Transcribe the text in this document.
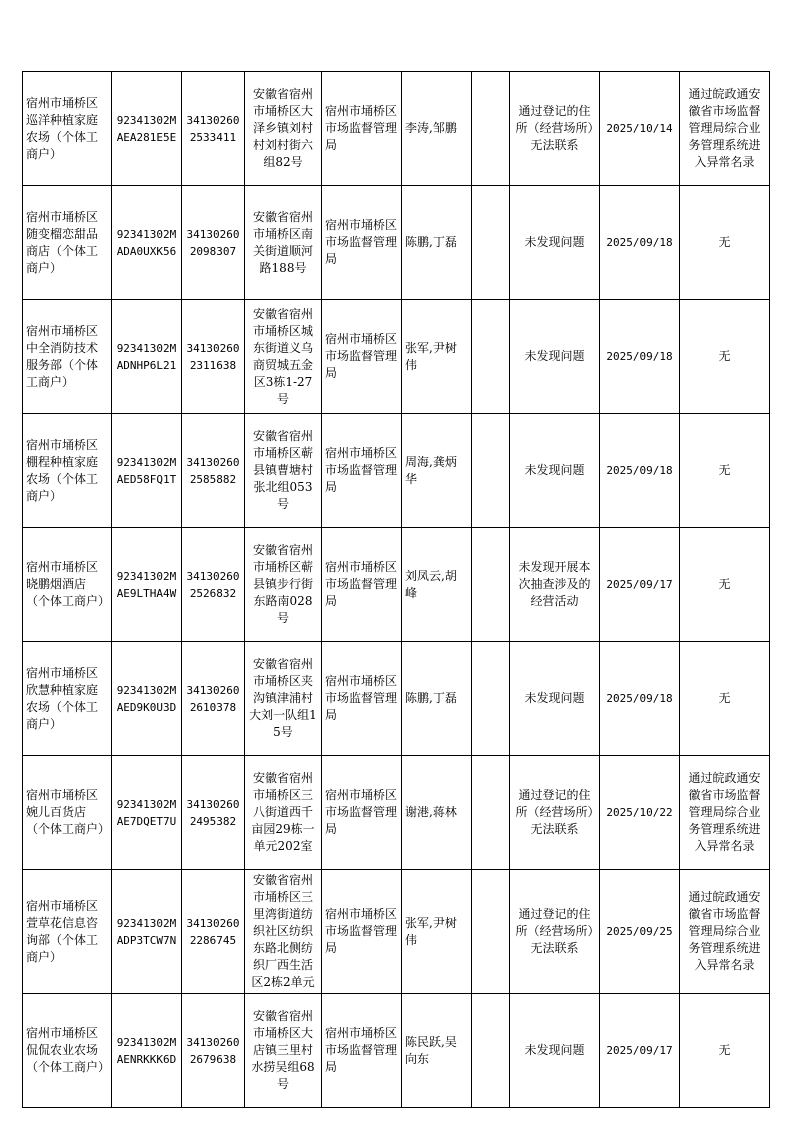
宿州市埇桥区巡洋种植家庭农场（个体工商户）	92341302MAEA281E5E	341302602533411	安徽省宿州市埇桥区大泽乡镇刘村村刘村街六组82号	宿州市埇桥区市场监督管理局	李涛,邹鹏		通过登记的住所（经营场所）无法联系	2025/10/14	通过皖政通安徽省市场监督管理局综合业务管理系统进入异常名录
宿州市埇桥区随变榴恋甜品商店（个体工商户）	92341302MADA0UXK56	341302602098307	安徽省宿州市埇桥区南关街道顺河路188号	宿州市埇桥区市场监督管理局	陈鹏,丁磊		未发现问题	2025/09/18	无
宿州市埇桥区中全消防技术服务部（个体工商户）	92341302MADNHP6L21	341302602311638	安徽省宿州市埇桥区城东街道义乌商贸城五金区3栋1-27号	宿州市埇桥区市场监督管理局	张军,尹树伟		未发现问题	2025/09/18	无
宿州市埇桥区棚程种植家庭农场（个体工商户）	92341302MAED58FQ1T	341302602585882	安徽省宿州市埇桥区蕲县镇曹塘村张北组053号	宿州市埇桥区市场监督管理局	周海,龚炳华		未发现问题	2025/09/18	无
宿州市埇桥区晓鹏烟酒店（个体工商户）	92341302MAE9LTHA4W	341302602526832	安徽省宿州市埇桥区蕲县镇步行街东路南028号	宿州市埇桥区市场监督管理局	刘凤云,胡峰		未发现开展本次抽查涉及的经营活动	2025/09/17	无
宿州市埇桥区欣慧种植家庭农场（个体工商户）	92341302MAED9K0U3D	341302602610378	安徽省宿州市埇桥区夹沟镇津浦村大刘一队组15号	宿州市埇桥区市场监督管理局	陈鹏,丁磊		未发现问题	2025/09/18	无
宿州市埇桥区婉儿百货店（个体工商户）	92341302MAE7DQET7U	341302602495382	安徽省宿州市埇桥区三八街道西千亩园29栋一单元202室	宿州市埇桥区市场监督管理局	谢港,蒋林		通过登记的住所（经营场所）无法联系	2025/10/22	通过皖政通安徽省市场监督管理局综合业务管理系统进入异常名录
宿州市埇桥区萱草花信息咨询部（个体工商户）	92341302MADP3TCW7N	341302602286745	安徽省宿州市埇桥区三里湾街道纺织社区纺织东路北侧纺织厂西生活区2栋2单元	宿州市埇桥区市场监督管理局	张军,尹树伟		通过登记的住所（经营场所）无法联系	2025/09/25	通过皖政通安徽省市场监督管理局综合业务管理系统进入异常名录
宿州市埇桥区侃侃农业农场（个体工商户）	92341302MAENRKKK6D	341302602679638	安徽省宿州市埇桥区大店镇三里村水捞吴组68号	宿州市埇桥区市场监督管理局	陈民跃,吴向东		未发现问题	2025/09/17	无
